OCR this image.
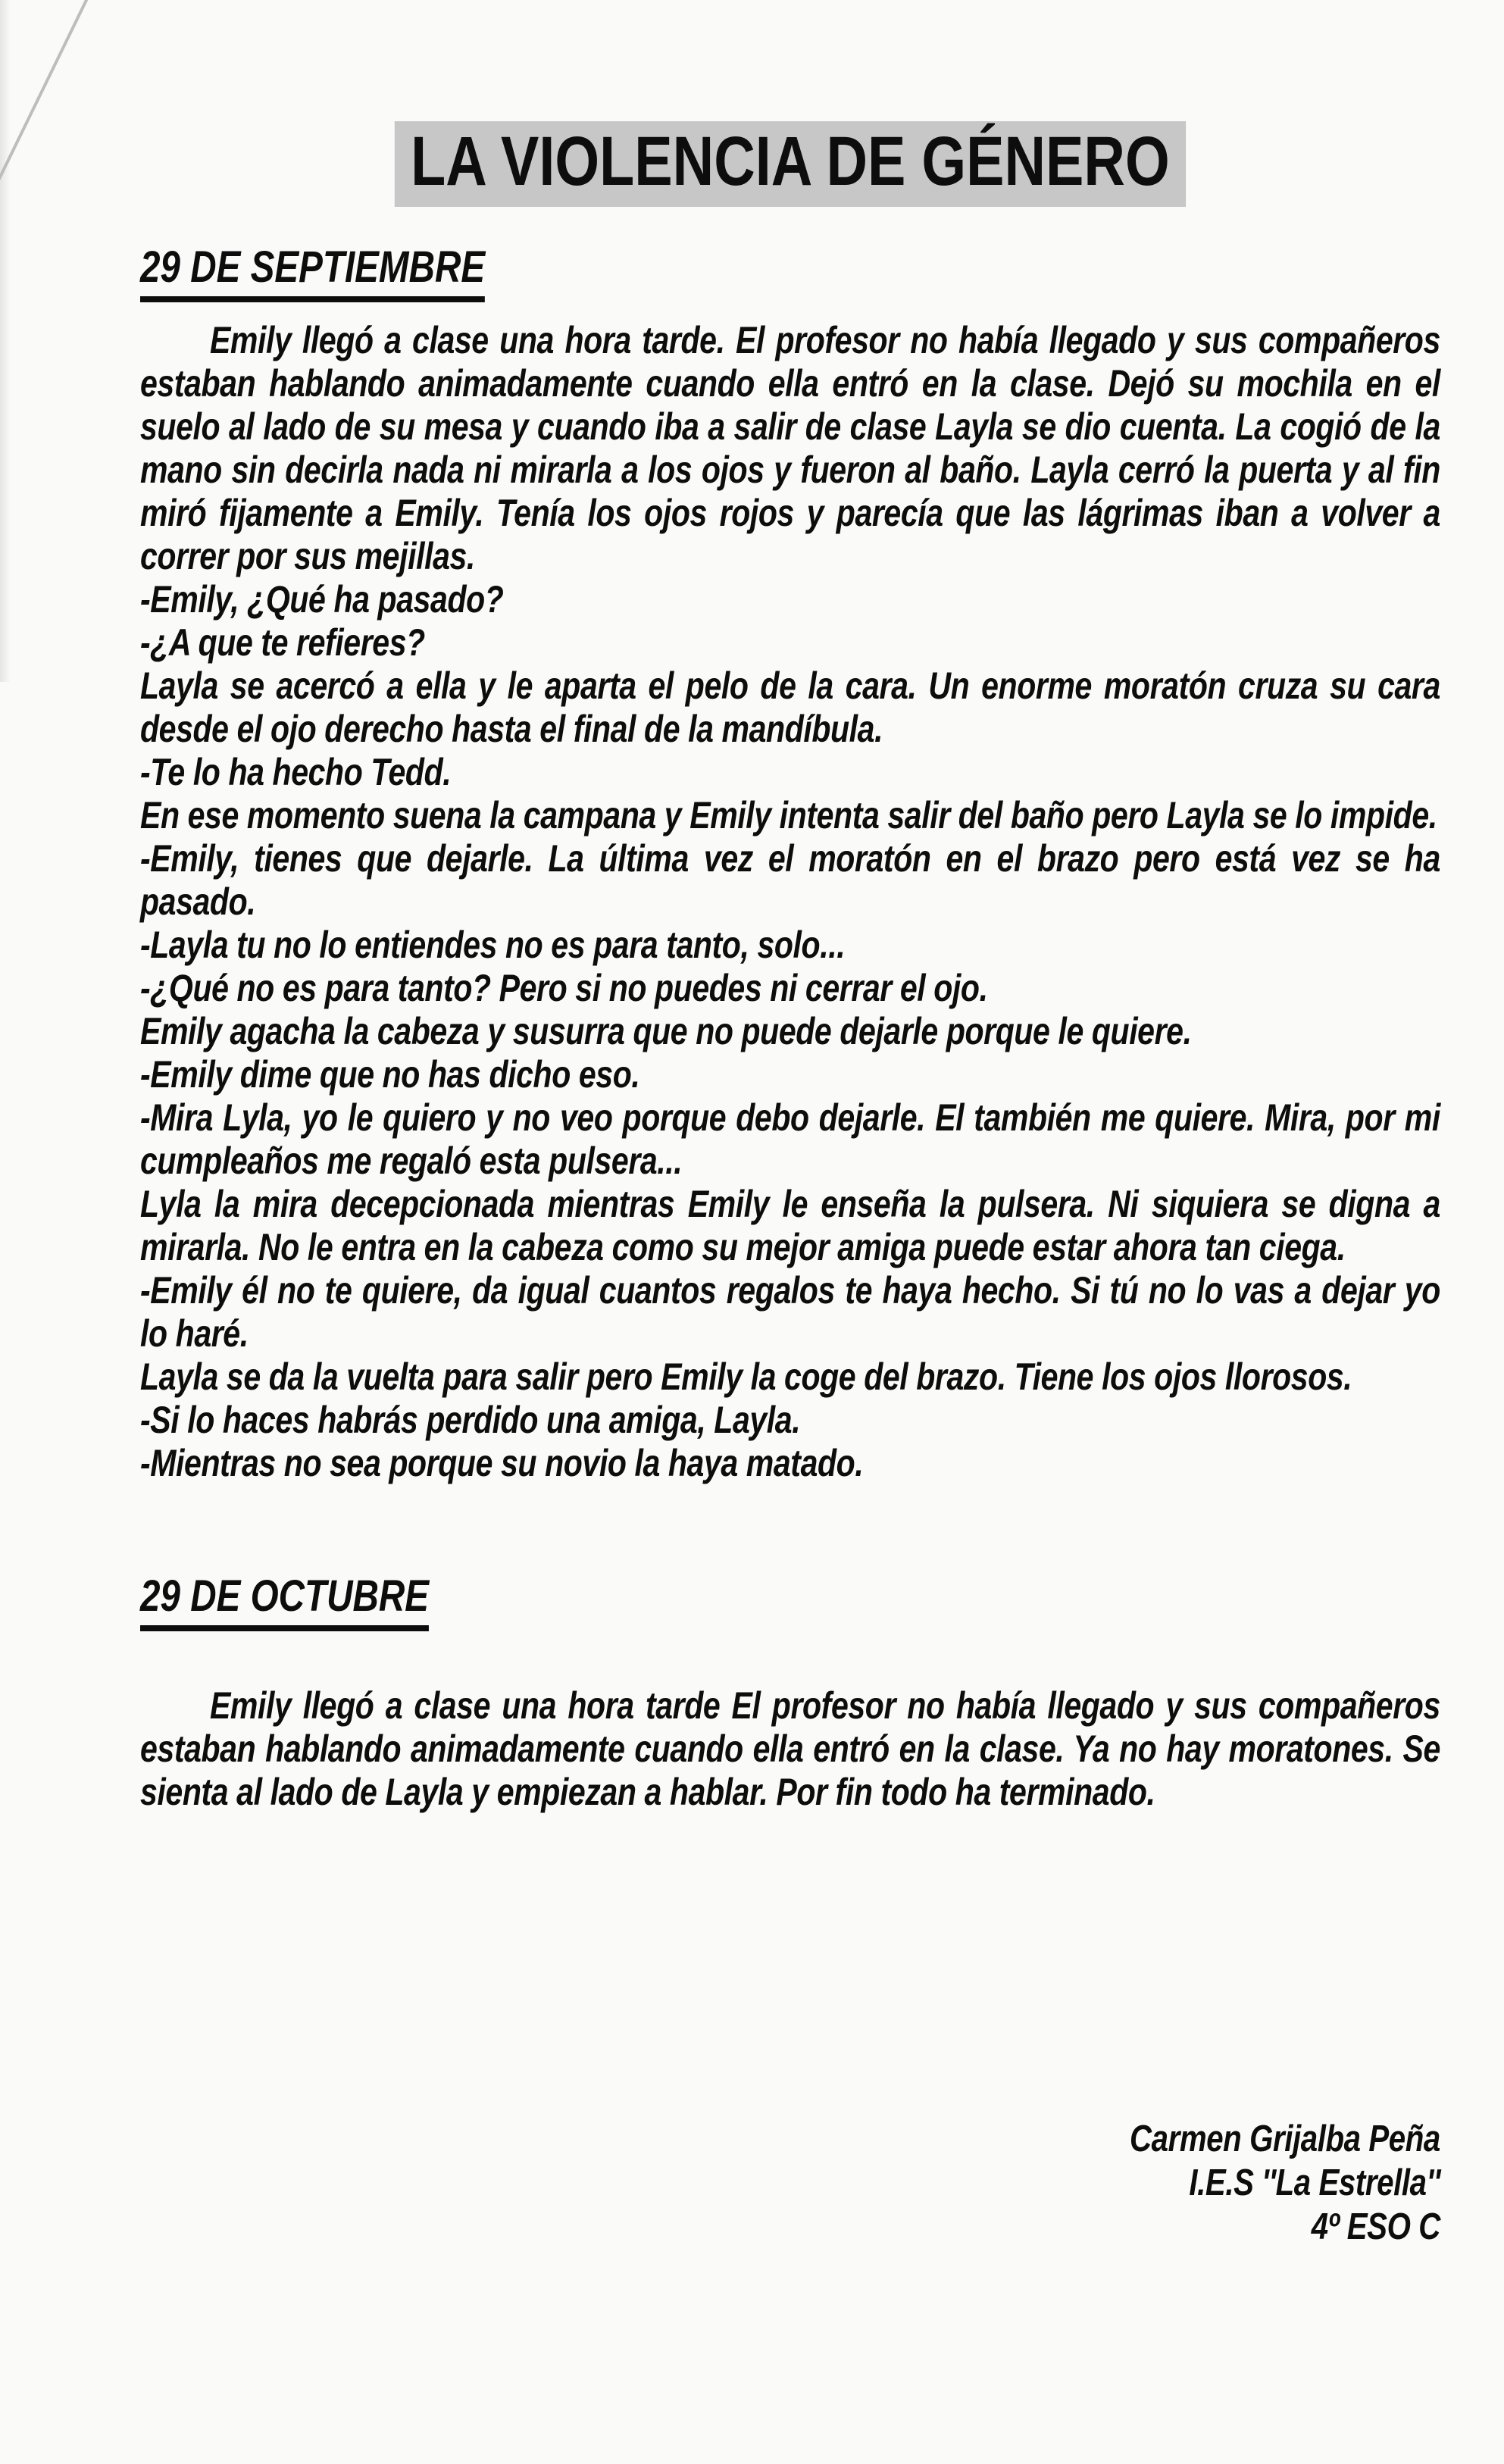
LA VIOLENCIA DE GÉNERO
29 DE SEPTIEMBRE

Emily llegó a clase una hora tarde. El profesor no había llegado y sus compañeros estaban hablando animadamente cuando ella entró en la clase. Dejó su mochila en el suelo al lado de su mesa y cuando iba a salir de clase Layla se dio cuenta. La cogió de la mano sin decirla nada ni mirarla a los ojos y fueron al baño. Layla cerró la puerta y al fin miró fijamente a Emily. Tenía los ojos rojos y parecía que las lágrimas iban a volver a correr por sus mejillas.

-Emily, ¿Qué ha pasado?

-¿A que te refieres?

Layla se acercó a ella y le aparta el pelo de la cara. Un enorme moratón cruza su cara desde el ojo derecho hasta el final de la mandíbula.

-Te lo ha hecho Tedd.

En ese momento suena la campana y Emily intenta salir del baño pero Layla se lo impide.

-Emily, tienes que dejarle. La última vez el moratón en el brazo pero está vez se ha pasado.

-Layla tu no lo entiendes no es para tanto, solo...

-¿Qué no es para tanto? Pero si no puedes ni cerrar el ojo.

Emily agacha la cabeza y susurra que no puede dejarle porque le quiere.

-Emily dime que no has dicho eso.

-Mira Lyla, yo le quiero y no veo porque debo dejarle. El también me quiere. Mira, por mi cumpleaños me regaló esta pulsera...

Lyla la mira decepcionada mientras Emily le enseña la pulsera. Ni siquiera se digna a mirarla. No le entra en la cabeza como su mejor amiga puede estar ahora tan ciega.

-Emily él no te quiere, da igual cuantos regalos te haya hecho. Si tú no lo vas a dejar yo lo haré.

Layla se da la vuelta para salir pero Emily la coge del brazo. Tiene los ojos llorosos.

-Si lo haces habrás perdido una amiga, Layla.

-Mientras no sea porque su novio la haya matado.

29 DE OCTUBRE

Emily llegó a clase una hora tarde El profesor no había llegado y sus compañeros estaban hablando animadamente cuando ella entró en la clase. Ya no hay moratones. Se sienta al lado de Layla y empiezan a hablar. Por fin todo ha terminado.

Carmen Grijalba Peña
I.E.S ''La Estrella''
4º ESO C
